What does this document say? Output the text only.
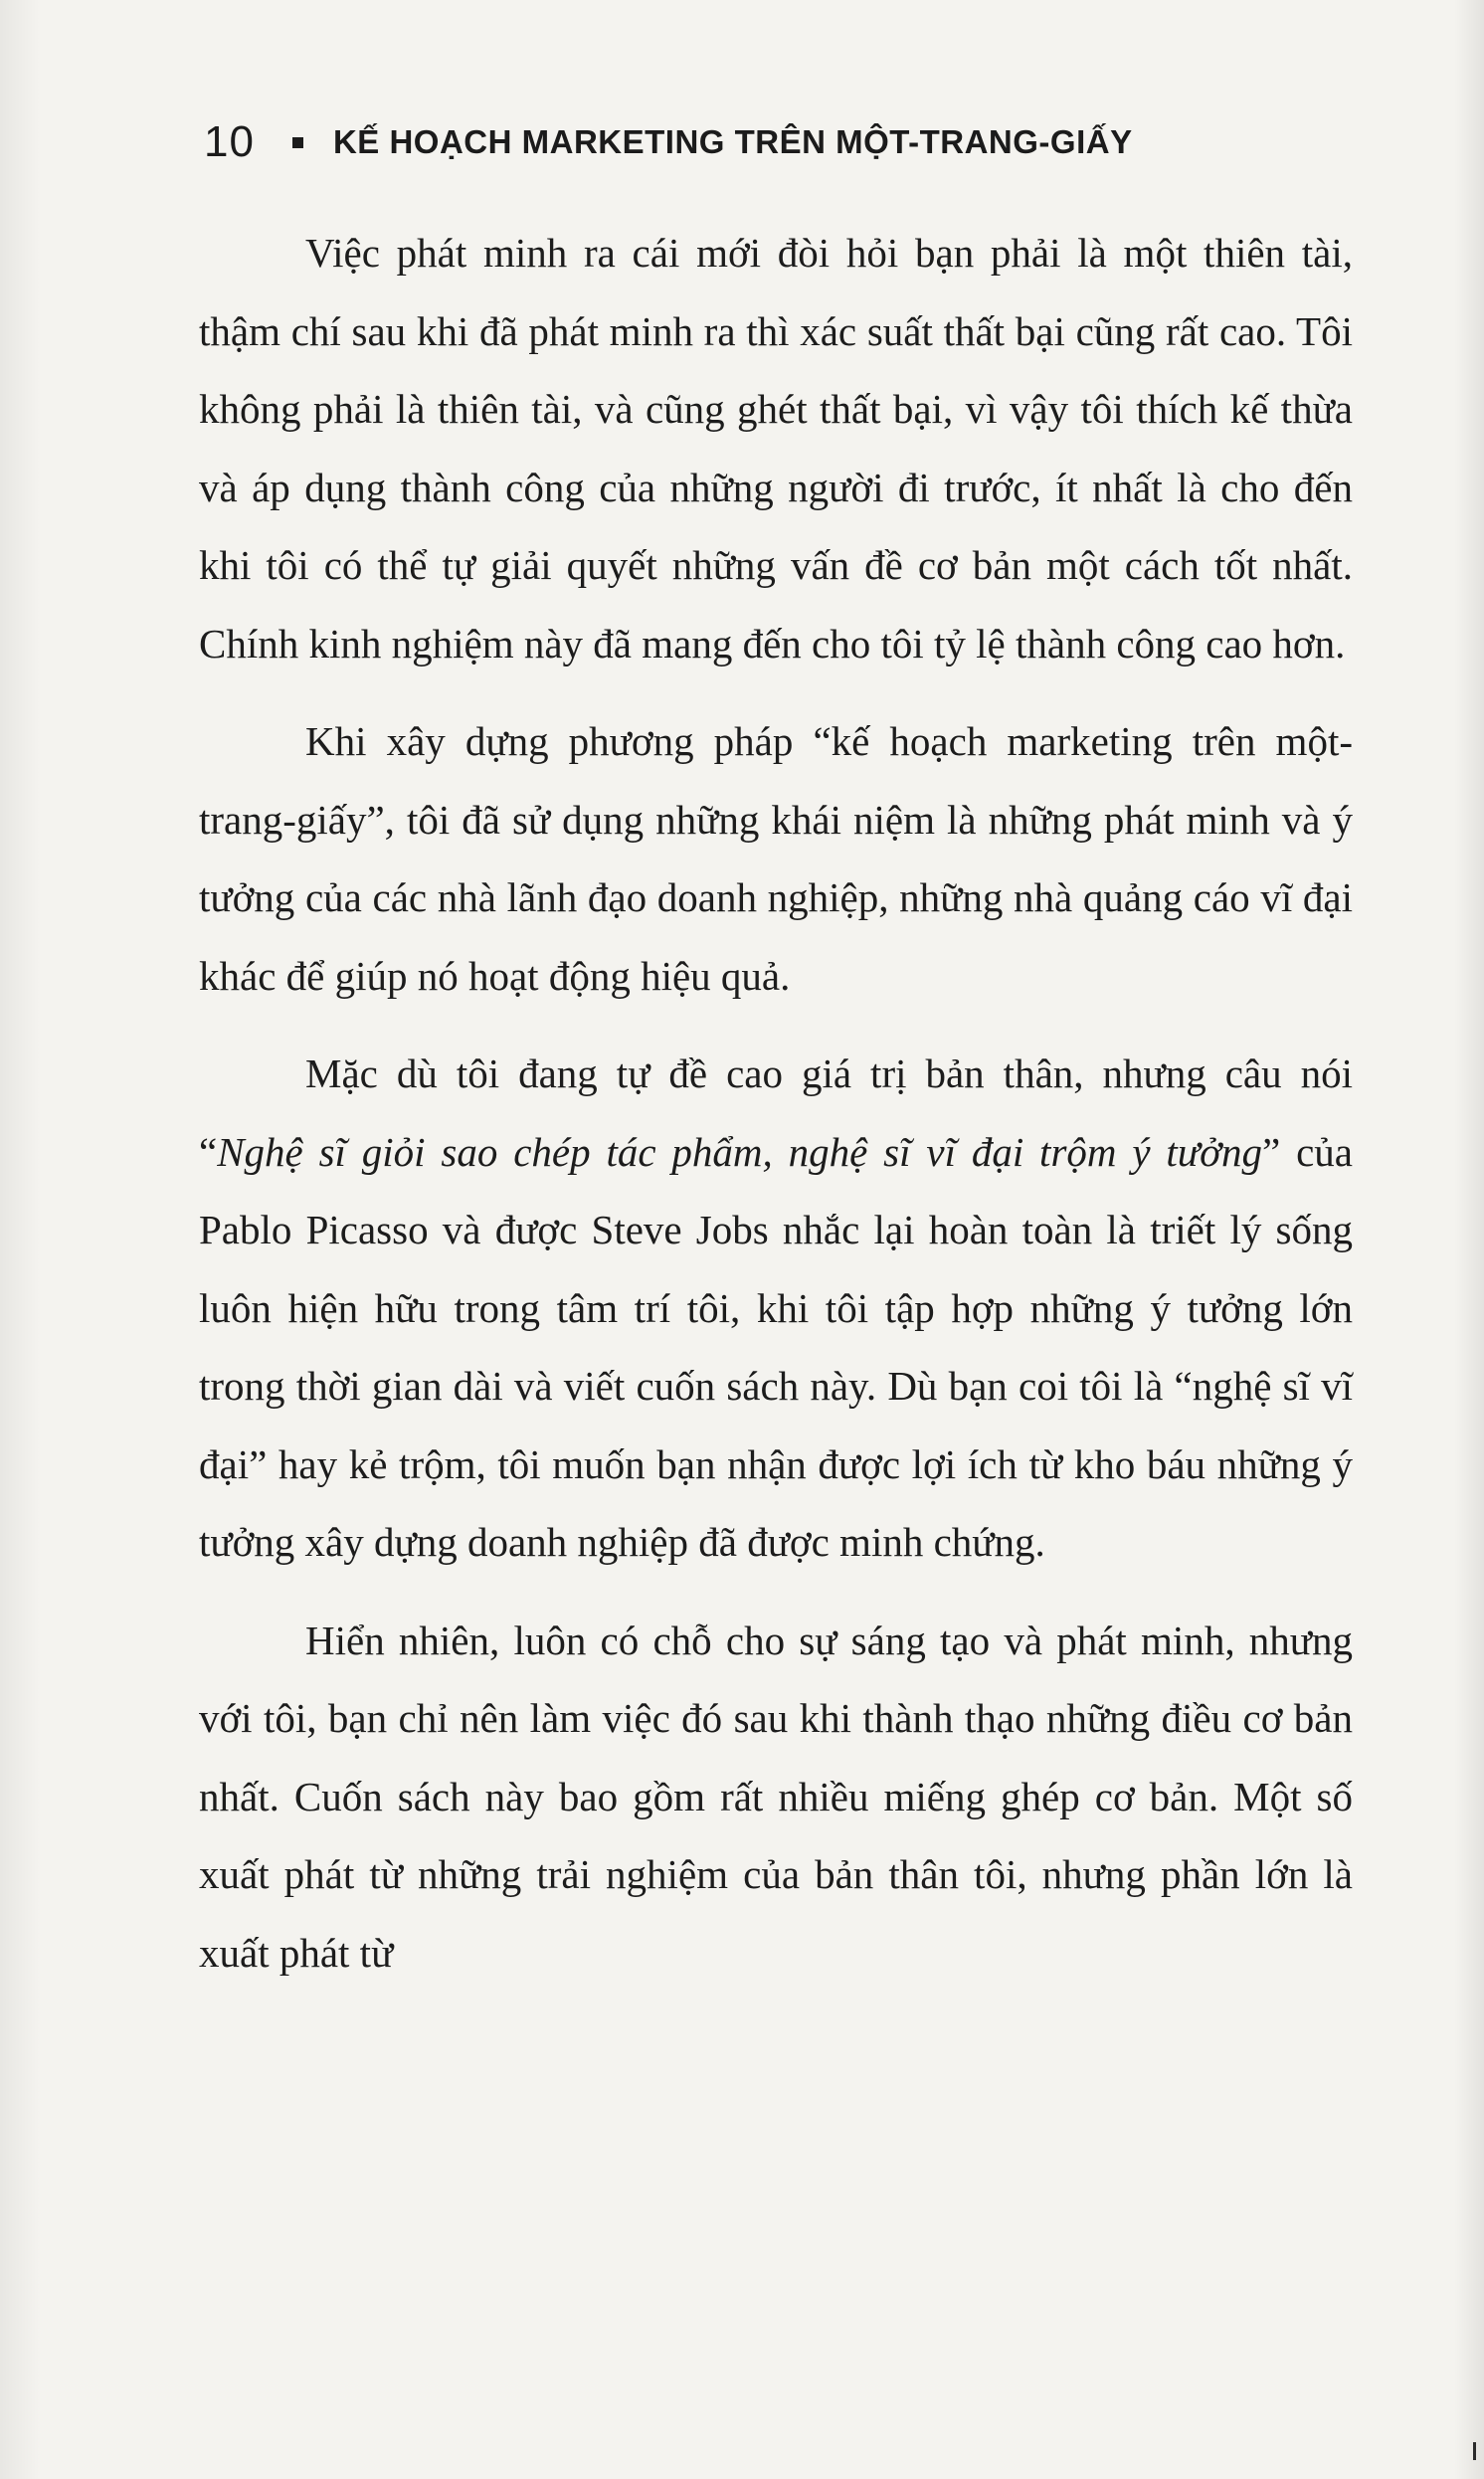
10 KẾ HOẠCH MARKETING TRÊN MỘT-TRANG-GIẤY

Việc phát minh ra cái mới đòi hỏi bạn phải là một thiên tài, thậm chí sau khi đã phát minh ra thì xác suất thất bại cũng rất cao. Tôi không phải là thiên tài, và cũng ghét thất bại, vì vậy tôi thích kế thừa và áp dụng thành công của những người đi trước, ít nhất là cho đến khi tôi có thể tự giải quyết những vấn đề cơ bản một cách tốt nhất. Chính kinh nghiệm này đã mang đến cho tôi tỷ lệ thành công cao hơn.

Khi xây dựng phương pháp “kế hoạch marketing trên một-trang-giấy”, tôi đã sử dụng những khái niệm là những phát minh và ý tưởng của các nhà lãnh đạo doanh nghiệp, những nhà quảng cáo vĩ đại khác để giúp nó hoạt động hiệu quả.

Mặc dù tôi đang tự đề cao giá trị bản thân, nhưng câu nói “Nghệ sĩ giỏi sao chép tác phẩm, nghệ sĩ vĩ đại trộm ý tưởng” của Pablo Picasso và được Steve Jobs nhắc lại hoàn toàn là triết lý sống luôn hiện hữu trong tâm trí tôi, khi tôi tập hợp những ý tưởng lớn trong thời gian dài và viết cuốn sách này. Dù bạn coi tôi là “nghệ sĩ vĩ đại” hay kẻ trộm, tôi muốn bạn nhận được lợi ích từ kho báu những ý tưởng xây dựng doanh nghiệp đã được minh chứng.

Hiển nhiên, luôn có chỗ cho sự sáng tạo và phát minh, nhưng với tôi, bạn chỉ nên làm việc đó sau khi thành thạo những điều cơ bản nhất. Cuốn sách này bao gồm rất nhiều miếng ghép cơ bản. Một số xuất phát từ những trải nghiệm của bản thân tôi, nhưng phần lớn là xuất phát từ
